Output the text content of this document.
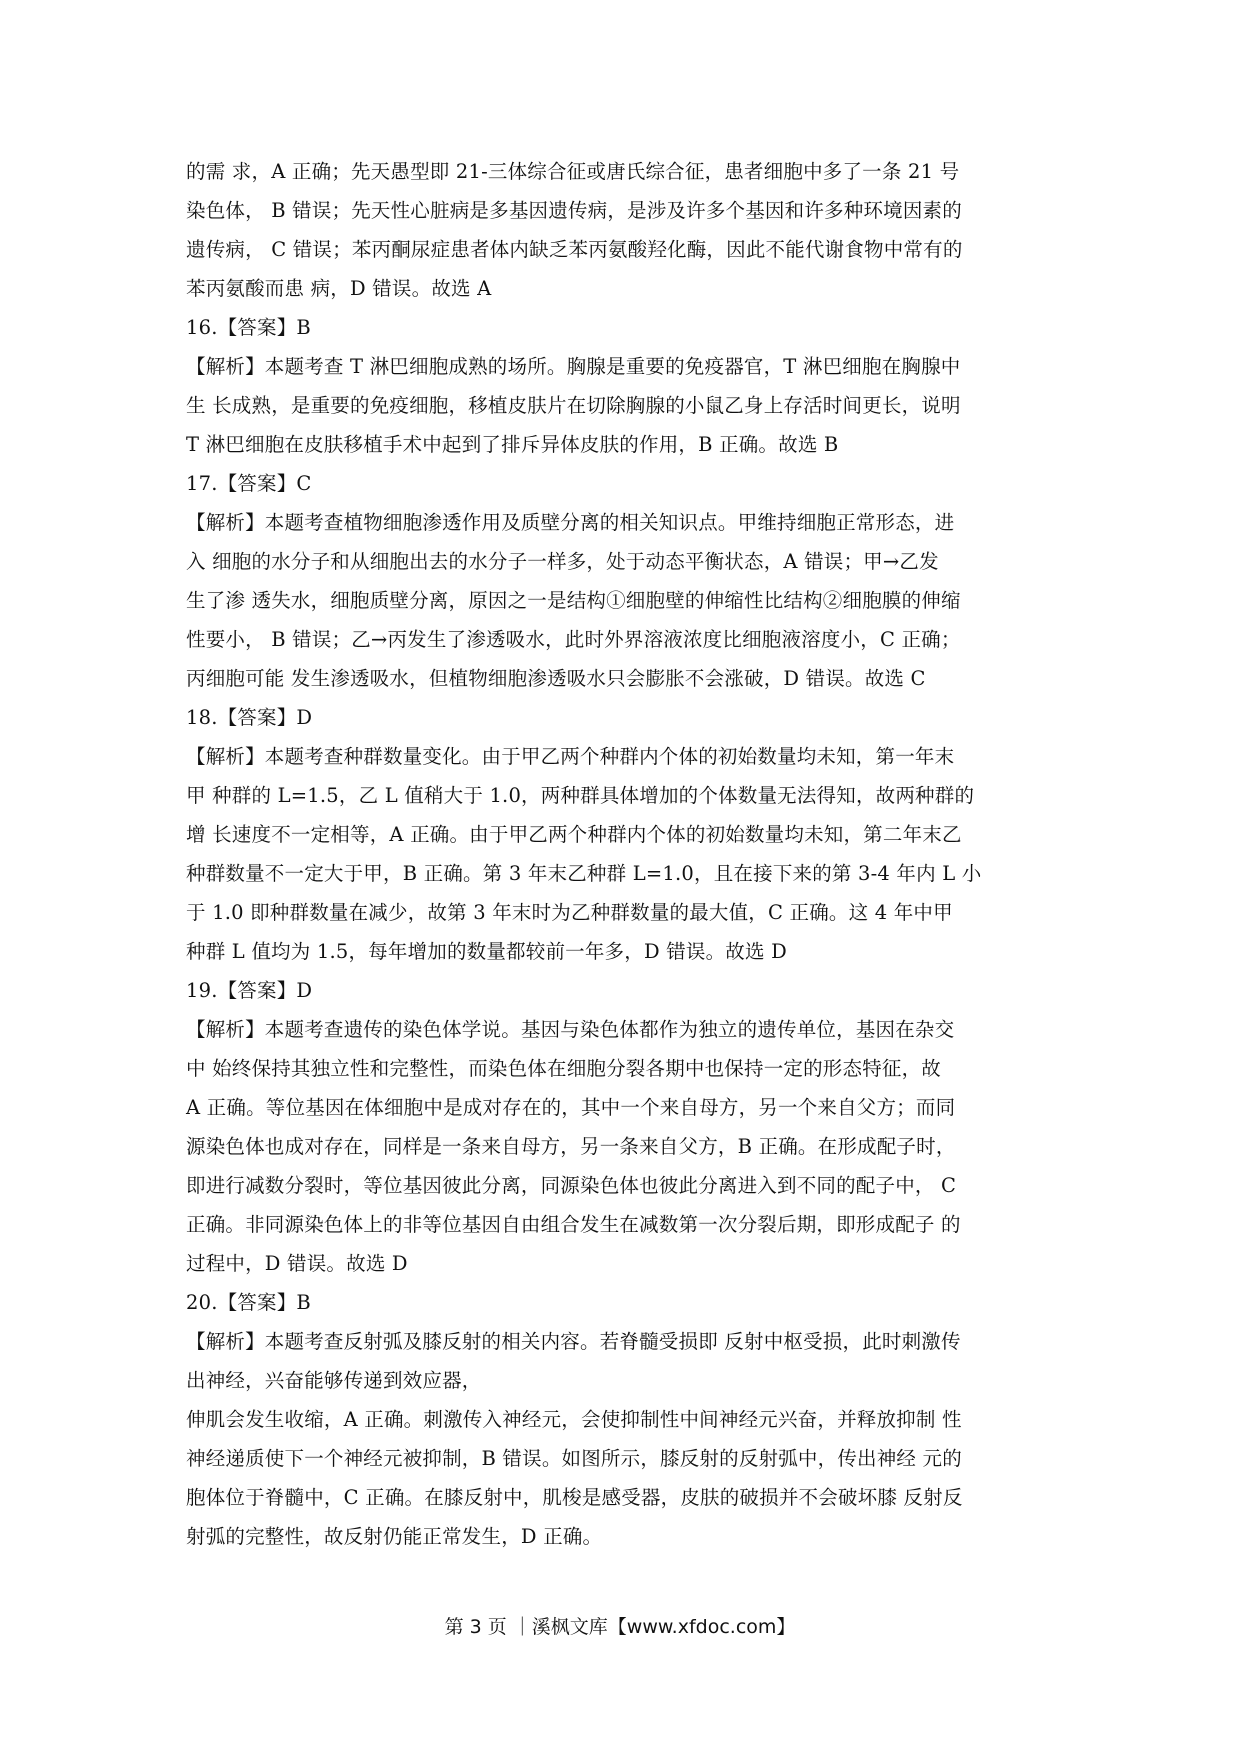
的需 求，A 正确；先天愚型即 21-三体综合征或唐氏综合征，患者细胞中多了一条 21 号
染色体， B 错误；先天性心脏病是多基因遗传病，是涉及许多个基因和许多种环境因素的
遗传病， C 错误；苯丙酮尿症患者体内缺乏苯丙氨酸羟化酶，因此不能代谢食物中常有的
苯丙氨酸而患 病，D 错误。故选 A
16.【答案】B
【解析】本题考查 T 淋巴细胞成熟的场所。胸腺是重要的免疫器官，T 淋巴细胞在胸腺中
生 长成熟，是重要的免疫细胞，移植皮肤片在切除胸腺的小鼠乙身上存活时间更长，说明
T 淋巴细胞在皮肤移植手术中起到了排斥异体皮肤的作用，B 正确。故选 B
17.【答案】C
【解析】本题考查植物细胞渗透作用及质壁分离的相关知识点。甲维持细胞正常形态，进
入 细胞的水分子和从细胞出去的水分子一样多，处于动态平衡状态，A 错误；甲→乙发
生了渗 透失水，细胞质壁分离，原因之一是结构①细胞壁的伸缩性比结构②细胞膜的伸缩
性要小， B 错误；乙→丙发生了渗透吸水，此时外界溶液浓度比细胞液溶度小，C 正确；
丙细胞可能 发生渗透吸水，但植物细胞渗透吸水只会膨胀不会涨破，D 错误。故选 C
18.【答案】D
【解析】本题考查种群数量变化。由于甲乙两个种群内个体的初始数量均未知，第一年末
甲 种群的 L=1.5，乙 L 值稍大于 1.0，两种群具体增加的个体数量无法得知，故两种群的
增 长速度不一定相等，A 正确。由于甲乙两个种群内个体的初始数量均未知，第二年末乙
种群数量不一定大于甲，B 正确。第 3 年末乙种群 L=1.0，且在接下来的第 3-4 年内 L 小
于 1.0 即种群数量在减少，故第 3 年末时为乙种群数量的最大值，C 正确。这 4 年中甲
种群 L 值均为 1.5，每年增加的数量都较前一年多，D 错误。故选 D
19.【答案】D
【解析】本题考查遗传的染色体学说。基因与染色体都作为独立的遗传单位，基因在杂交
中 始终保持其独立性和完整性，而染色体在细胞分裂各期中也保持一定的形态特征，故
A 正确。等位基因在体细胞中是成对存在的，其中一个来自母方，另一个来自父方；而同
源染色体也成对存在，同样是一条来自母方，另一条来自父方，B 正确。在形成配子时，
即进行减数分裂时，等位基因彼此分离，同源染色体也彼此分离进入到不同的配子中， C
正确。非同源染色体上的非等位基因自由组合发生在减数第一次分裂后期，即形成配子 的
过程中，D 错误。故选 D
20.【答案】B
【解析】本题考查反射弧及膝反射的相关内容。若脊髓受损即 反射中枢受损，此时刺激传
出神经，兴奋能够传递到效应器，
伸肌会发生收缩，A 正确。刺激传入神经元，会使抑制性中间神经元兴奋，并释放抑制 性
神经递质使下一个神经元被抑制，B 错误。如图所示，膝反射的反射弧中，传出神经 元的
胞体位于脊髓中，C 正确。在膝反射中，肌梭是感受器，皮肤的破损并不会破坏膝 反射反
射弧的完整性，故反射仍能正常发生，D 正确。
第 3 页 ｜溪枫文库【www.xfdoc.com】
